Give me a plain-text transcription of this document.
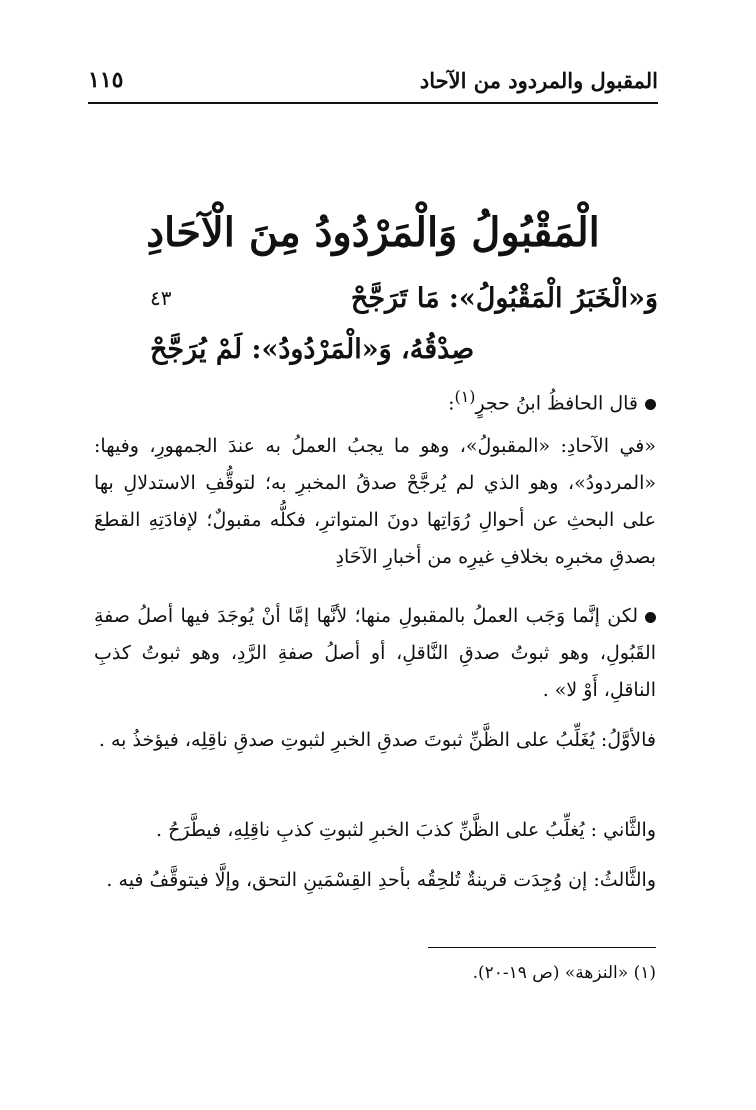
المقبول والمردود من الآحاد
١١٥
الْمَقْبُولُ وَالْمَرْدُودُ مِنَ الْآحَادِ
وَ«الْخَبَرُ الْمَقْبُولُ»: مَا تَرَجَّحْ
٤٣
صِدْقُهُ، وَ«الْمَرْدُودُ»: لَمْ يُرَجَّحْ
قال الحافظُ ابنُ حجرٍ$^{(١)}$:
«في الآحادِ: «المقبولُ»، وهو ما يجبُ العملُ به عندَ الجمهورِ، وفيها: «المردودُ»، وهو الذي لم يُرجَّحْ صدقُ المخبرِ به؛ لتوقُّفِ الاستدلالِ بها على البحثِ عن أحوالِ رُوَاتِها دونَ المتواترِ، فكلُّه مقبولٌ؛ لإفادَتِهِ القطعَ بصدقِ مخبرِه بخلافِ غيرِه من أخبارِ الآحَادِ
لكن إنَّما وَجَب العملُ بالمقبولِ منها؛ لأنَّها إمَّا أنْ يُوجَدَ فيها أصلُ صفةِ القَبُولِ، وهو ثبوتُ صدقِ النَّاقلِ، أو أصلُ صفةِ الرَّدِ، وهو ثبوتُ كذبِ الناقلِ، أَوْ لا» .
فالأوَّلُ: يُغَلِّبُ على الظَّنِّ ثبوتَ صدقِ الخبرِ لثبوتِ صدقِ ناقِلِه، فيؤخذُ به .
والثَّاني : يُغلِّبُ على الظَّنِّ كذبَ الخبرِ لثبوتِ كذبِ ناقِلِهِ، فيطَّرَحُ .
والثَّالثُ: إن وُجِدَت قرينةٌ تُلحِقُه بأحدِ القِسْمَينِ التحق، وإلَّا فيتوقَّفُ فيه .
(١) «النزهة» (ص ١٩-٢٠).
